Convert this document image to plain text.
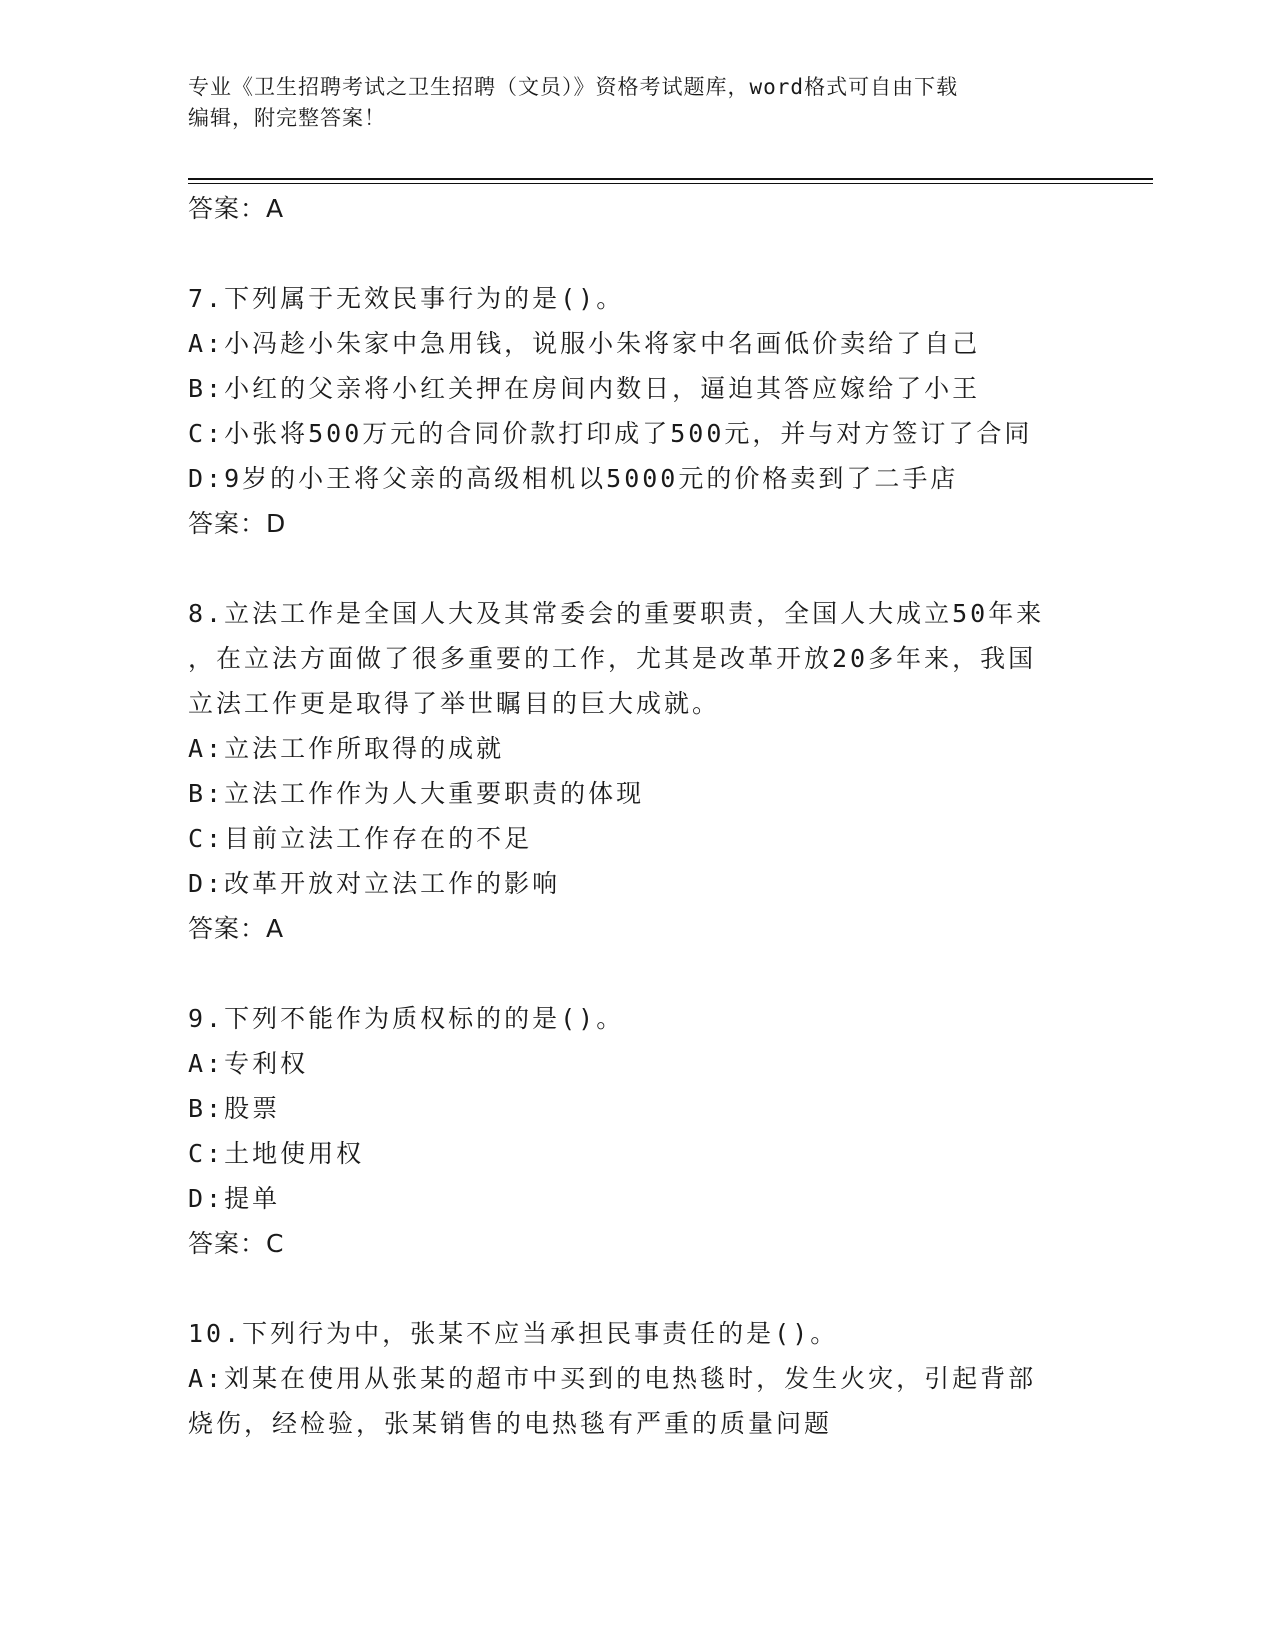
专业《卫生招聘考试之卫生招聘（文员）》资格考试题库，word格式可自由下载
编辑，附完整答案！
答案：A
7.下列属于无效民事行为的是()。
A:小冯趁小朱家中急用钱，说服小朱将家中名画低价卖给了自己
B:小红的父亲将小红关押在房间内数日，逼迫其答应嫁给了小王
C:小张将500万元的合同价款打印成了500元，并与对方签订了合同
D:9岁的小王将父亲的高级相机以5000元的价格卖到了二手店
答案：D
8.立法工作是全国人大及其常委会的重要职责，全国人大成立50年来
，在立法方面做了很多重要的工作，尤其是改革开放20多年来，我国
立法工作更是取得了举世瞩目的巨大成就。
A:立法工作所取得的成就
B:立法工作作为人大重要职责的体现
C:目前立法工作存在的不足
D:改革开放对立法工作的影响
答案：A
9.下列不能作为质权标的的是()。
A:专利权
B:股票
C:土地使用权
D:提单
答案：C
10.下列行为中，张某不应当承担民事责任的是()。
A:刘某在使用从张某的超市中买到的电热毯时，发生火灾，引起背部
烧伤，经检验，张某销售的电热毯有严重的质量问题
